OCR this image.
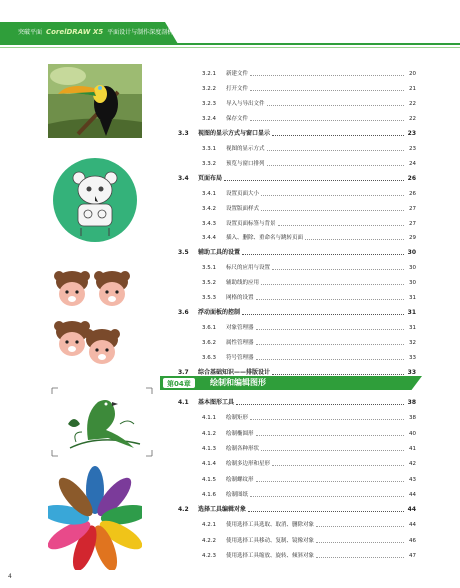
突破平面 CorelDRAW X5 平面设计与制作深度剖析
3.2.1 新建文件	20
3.2.2 打开文件	21
3.2.3 导入与导出文件	22
3.2.4 保存文件	22
3.3 视图的显示方式与窗口显示	23
3.3.1 视图的显示方式	23
3.3.2 预览与窗口排列	24
3.4 页面布局	26
3.4.1 设置页面大小	26
3.4.2 设置版面样式	27
3.4.3 设置页面标签与背景	27
3.4.4 插入、删除、重命名与跳转页面	29
3.5 辅助工具的设置	30
3.5.1 标尺的应用与设置	30
3.5.2 辅助线的应用	30
3.5.3 网格的设置	31
3.6 浮动面板的控制	31
3.6.1 对象管理器	31
3.6.2 属性管理器	32
3.6.3 符号管理器	33
3.7 综合基础知识——排版设计	33
第04章	绘制和编辑图形
4.1 基本图形工具	38
4.1.1 绘制矩形	38
4.1.2 绘制椭圆形	40
4.1.3 绘制各种形状	41
4.1.4 绘制多边形和星形	42
4.1.5 绘制螺纹形	43
4.1.6 绘制图纸	44
4.2 选择工具编辑对象	44
4.2.1 使用选择工具选取、取消、删除对象	44
4.2.2 使用选择工具移动、复制、镜像对象	46
4.2.3 使用选择工具缩放、旋转、倾斜对象	47
4
